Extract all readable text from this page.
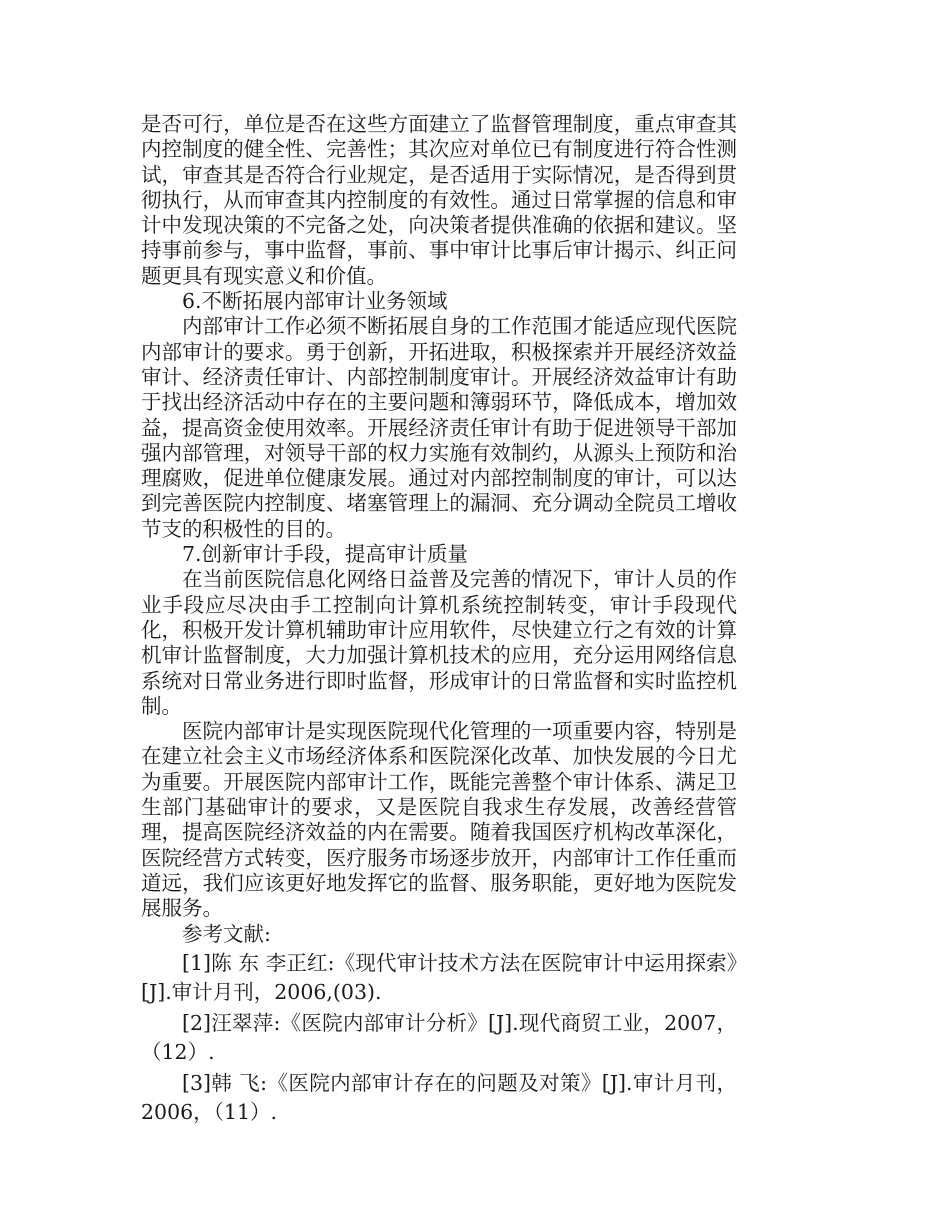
是否可行，单位是否在这些方面建立了监督管理制度，重点审查其内控制度的健全性、完善性；其次应对单位已有制度进行符合性测试，审查其是否符合行业规定，是否适用于实际情况，是否得到贯彻执行，从而审查其内控制度的有效性。通过日常掌握的信息和审计中发现决策的不完备之处，向决策者提供准确的依据和建议。坚持事前参与，事中监督，事前、事中审计比事后审计揭示、纠正问题更具有现实意义和价值。

6.不断拓展内部审计业务领域

内部审计工作必须不断拓展自身的工作范围才能适应现代医院内部审计的要求。勇于创新，开拓进取，积极探索并开展经济效益审计、经济责任审计、内部控制制度审计。开展经济效益审计有助于找出经济活动中存在的主要问题和簿弱环节，降低成本，增加效益，提高资金使用效率。开展经济责任审计有助于促进领导干部加强内部管理，对领导干部的权力实施有效制约，从源头上预防和治理腐败，促进单位健康发展。通过对内部控制制度的审计，可以达到完善医院内控制度、堵塞管理上的漏洞、充分调动全院员工增收节支的积极性的目的。

7.创新审计手段，提高审计质量

在当前医院信息化网络日益普及完善的情况下，审计人员的作业手段应尽决由手工控制向计算机系统控制转变，审计手段现代化，积极开发计算机辅助审计应用软件，尽快建立行之有效的计算机审计监督制度，大力加强计算机技术的应用，充分运用网络信息系统对日常业务进行即时监督，形成审计的日常监督和实时监控机制。

医院内部审计是实现医院现代化管理的一项重要内容，特别是在建立社会主义市场经济体系和医院深化改革、加快发展的今日尤为重要。开展医院内部审计工作，既能完善整个审计体系、满足卫生部门基础审计的要求，又是医院自我求生存发展，改善经营管理，提高医院经济效益的内在需要。随着我国医疗机构改革深化，医院经营方式转变，医疗服务市场逐步放开，内部审计工作任重而道远，我们应该更好地发挥它的监督、服务职能，更好地为医院发展服务。

参考文献:

[1]陈 东 李正红:《现代审计技术方法在医院审计中运用探索》[J].审计月刊，2006,(03).

[2]汪翠萍:《医院内部审计分析》[J].现代商贸工业，2007，（12）.

[3]韩 飞:《医院内部审计存在的问题及对策》[J].审计月刊，2006，（11）.
